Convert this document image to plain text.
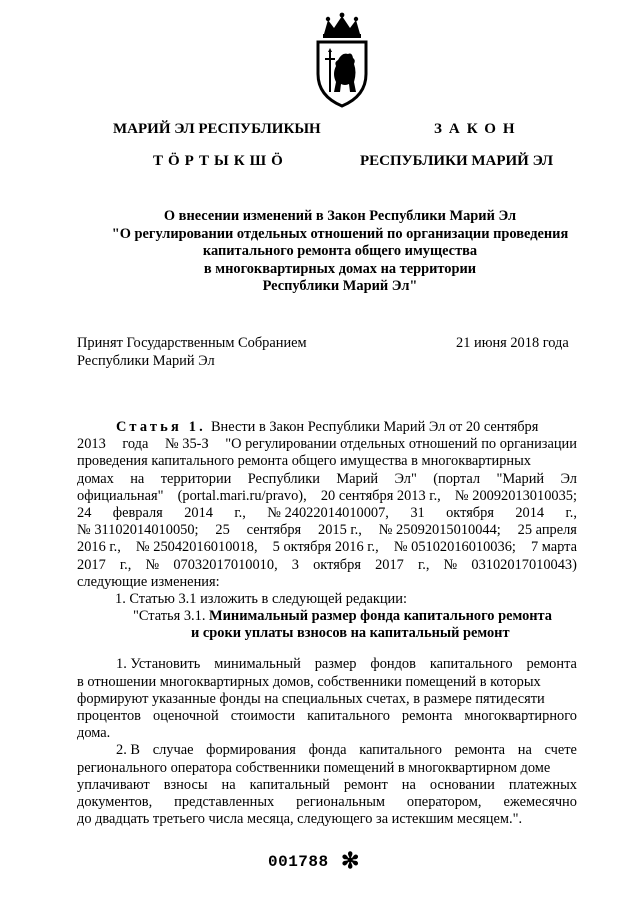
МАРИЙ ЭЛ РЕСПУБЛИКЫН
ТӦРТЫКШӦ
ЗАКОН
РЕСПУБЛИКИ МАРИЙ ЭЛ
О внесении изменений в Закон Республики Марий Эл
"О регулировании отдельных отношений по организации проведения
капитального ремонта общего имущества
в многоквартирных домах на территории
Республики Марий Эл"
Принят Государственным Собранием
Республики Марий Эл
21 июня 2018 года
Статья 1. Внести в Закон Республики Марий Эл от 20 сентября
2013 года № 35-З "О регулировании отдельных отношений по организации
проведения капитального ремонта общего имущества в многоквартирных
домах на территории Республики Марий Эл" (портал "Марий Эл
официальная" (portal.mari.ru/pravo), 20 сентября 2013 г., № 20092013010035;
24 февраля 2014 г., № 24022014010007, 31 октября 2014 г.,
№ 31102014010050; 25 сентября 2015 г., № 25092015010044; 25 апреля
2016 г., № 25042016010018, 5 октября 2016 г., № 05102016010036; 7 марта
2017 г., № 07032017010010, 3 октября 2017 г., № 03102017010043)
следующие изменения:
1. Статью 3.1 изложить в следующей редакции:
"Статья 3.1. Минимальный размер фонда капитального ремонта
и сроки уплаты взносов на капитальный ремонт
1. Установить минимальный размер фондов капитального ремонта
в отношении многоквартирных домов, собственники помещений в которых
формируют указанные фонды на специальных счетах, в размере пятидесяти
процентов оценочной стоимости капитального ремонта многоквартирного
дома.
2. В случае формирования фонда капитального ремонта на счете
регионального оператора собственники помещений в многоквартирном доме
уплачивают взносы на капитальный ремонт на основании платежных
документов, представленных региональным оператором, ежемесячно
до двадцать третьего числа месяца, следующего за истекшим месяцем.".
001788 ✻
